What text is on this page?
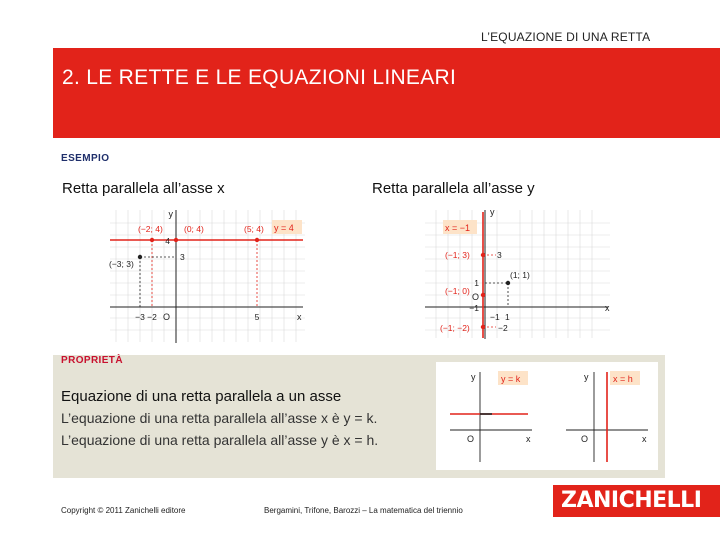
L’EQUAZIONE DI UNA RETTA
2. LE RETTE E LE EQUAZIONI LINEARI
ESEMPIO
Retta parallela all’asse x	Retta parallela all’asse y
y = 4
(−2; 4) (0; 4)	(5; 4)
(−3; 3)
4
3
−3 −2 O	5	x
y
x = −1
(−1; 3)
(1; 1)
(−1; 0)
(−1; −2)
3
1
−1
O
−1 1
−2
x
y
PROPRIETÀ
Equazione di una retta parallela a un asse
L’equazione di una retta parallela all’asse x è y = k.
L’equazione di una retta parallela all’asse y è x = h.
y = k
O	x
y	x = h
O	x
y
Copyright © 2011 Zanichelli editore	Bergamini, Trifone, Barozzi – La matematica del triennio	ZANICHELLI
